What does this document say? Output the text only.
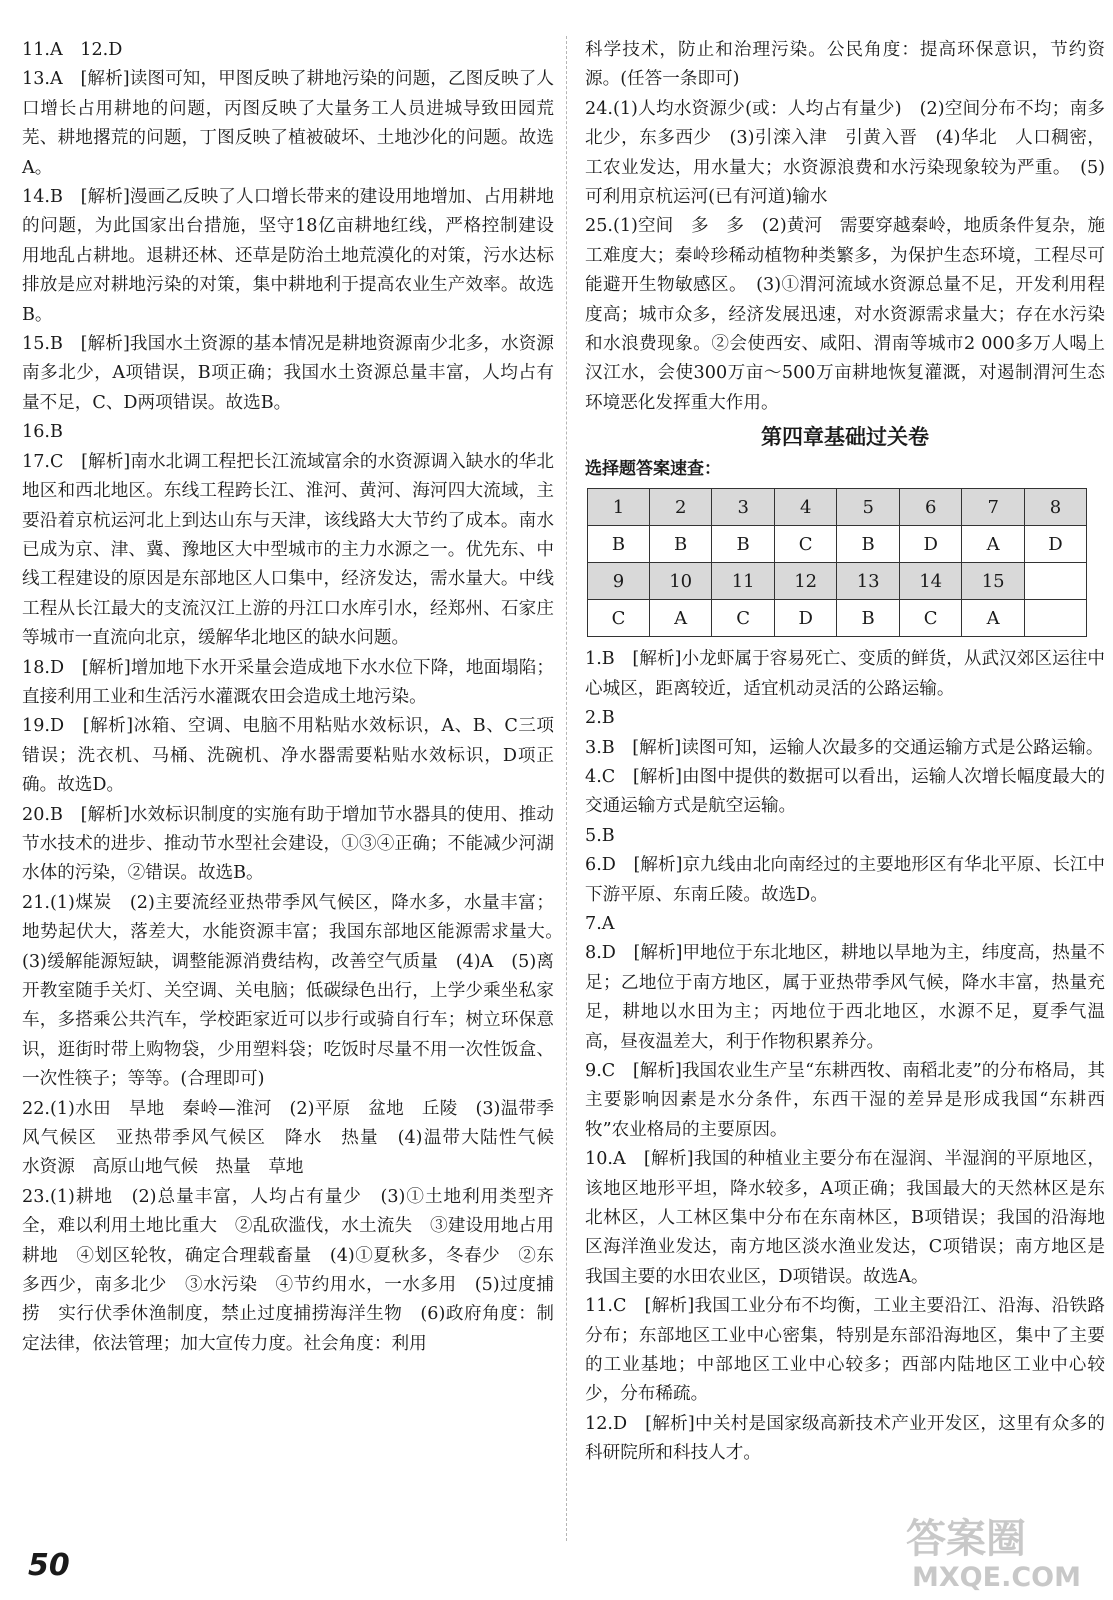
11.A　12.D

13.A　[解析]读图可知，甲图反映了耕地污染的问题，乙图反映了人口增长占用耕地的问题，丙图反映了大量务工人员进城导致田园荒芜、耕地撂荒的问题，丁图反映了植被破坏、土地沙化的问题。故选A。

14.B　[解析]漫画乙反映了人口增长带来的建设用地增加、占用耕地的问题，为此国家出台措施，坚守18亿亩耕地红线，严格控制建设用地乱占耕地。退耕还林、还草是防治土地荒漠化的对策，污水达标排放是应对耕地污染的对策，集中耕地利于提高农业生产效率。故选B。

15.B　[解析]我国水土资源的基本情况是耕地资源南少北多，水资源南多北少，A项错误，B项正确；我国水土资源总量丰富，人均占有量不足，C、D两项错误。故选B。

16.B

17.C　[解析]南水北调工程把长江流域富余的水资源调入缺水的华北地区和西北地区。东线工程跨长江、淮河、黄河、海河四大流域，主要沿着京杭运河北上到达山东与天津，该线路大大节约了成本。南水已成为京、津、冀、豫地区大中型城市的主力水源之一。优先东、中线工程建设的原因是东部地区人口集中，经济发达，需水量大。中线工程从长江最大的支流汉江上游的丹江口水库引水，经郑州、石家庄等城市一直流向北京，缓解华北地区的缺水问题。

18.D　[解析]增加地下水开采量会造成地下水水位下降，地面塌陷；直接利用工业和生活污水灌溉农田会造成土地污染。

19.D　[解析]冰箱、空调、电脑不用粘贴水效标识，A、B、C三项错误；洗衣机、马桶、洗碗机、净水器需要粘贴水效标识，D项正确。故选D。

20.B　[解析]水效标识制度的实施有助于增加节水器具的使用、推动节水技术的进步、推动节水型社会建设，①③④正确；不能减少河湖水体的污染，②错误。故选B。

21.(1)煤炭　(2)主要流经亚热带季风气候区，降水多，水量丰富；地势起伏大，落差大，水能资源丰富；我国东部地区能源需求量大。　(3)缓解能源短缺，调整能源消费结构，改善空气质量　(4)A　(5)离开教室随手关灯、关空调、关电脑；低碳绿色出行，上学少乘坐私家车，多搭乘公共汽车，学校距家近可以步行或骑自行车；树立环保意识，逛街时带上购物袋，少用塑料袋；吃饭时尽量不用一次性饭盒、一次性筷子；等等。(合理即可)

22.(1)水田　旱地　秦岭—淮河　(2)平原　盆地　丘陵　(3)温带季风气候区　亚热带季风气候区　降水　热量　(4)温带大陆性气候　水资源　高原山地气候　热量　草地

23.(1)耕地　(2)总量丰富，人均占有量少　(3)①土地利用类型齐全，难以利用土地比重大　②乱砍滥伐，水土流失　③建设用地占用耕地　④划区轮牧，确定合理载畜量　(4)①夏秋多，冬春少　②东多西少，南多北少　③水污染　④节约用水，一水多用　(5)过度捕捞　实行伏季休渔制度，禁止过度捕捞海洋生物　(6)政府角度：制定法律，依法管理；加大宣传力度。社会角度：利用

科学技术，防止和治理污染。公民角度：提高环保意识，节约资源。(任答一条即可)

24.(1)人均水资源少(或：人均占有量少)　(2)空间分布不均；南多北少，东多西少　(3)引滦入津　引黄入晋　(4)华北　人口稠密，工农业发达，用水量大；水资源浪费和水污染现象较为严重。　(5)可利用京杭运河(已有河道)输水

25.(1)空间　多　多　(2)黄河　需要穿越秦岭，地质条件复杂，施工难度大；秦岭珍稀动植物种类繁多，为保护生态环境，工程尽可能避开生物敏感区。　(3)①渭河流域水资源总量不足，开发利用程度高；城市众多，经济发展迅速，对水资源需求量大；存在水污染和水浪费现象。②会使西安、咸阳、渭南等城市2 000多万人喝上汉江水，会使300万亩～500万亩耕地恢复灌溉，对遏制渭河生态环境恶化发挥重大作用。

第四章基础过关卷
选择题答案速查：
1	2	3	4	5	6	7	8
B	B	B	C	B	D	A	D
9	10	11	12	13	14	15	
C	A	C	D	B	C	A	

1.B　[解析]小龙虾属于容易死亡、变质的鲜货，从武汉郊区运往中心城区，距离较近，适宜机动灵活的公路运输。

2.B

3.B　[解析]读图可知，运输人次最多的交通运输方式是公路运输。

4.C　[解析]由图中提供的数据可以看出，运输人次增长幅度最大的交通运输方式是航空运输。

5.B

6.D　[解析]京九线由北向南经过的主要地形区有华北平原、长江中下游平原、东南丘陵。故选D。

7.A

8.D　[解析]甲地位于东北地区，耕地以旱地为主，纬度高，热量不足；乙地位于南方地区，属于亚热带季风气候，降水丰富，热量充足，耕地以水田为主；丙地位于西北地区，水源不足，夏季气温高，昼夜温差大，利于作物积累养分。

9.C　[解析]我国农业生产呈“东耕西牧、南稻北麦”的分布格局，其主要影响因素是水分条件，东西干湿的差异是形成我国“东耕西牧”农业格局的主要原因。

10.A　[解析]我国的种植业主要分布在湿润、半湿润的平原地区，该地区地形平坦，降水较多，A项正确；我国最大的天然林区是东北林区，人工林区集中分布在东南林区，B项错误；我国的沿海地区海洋渔业发达，南方地区淡水渔业发达，C项错误；南方地区是我国主要的水田农业区，D项错误。故选A。

11.C　[解析]我国工业分布不均衡，工业主要沿江、沿海、沿铁路分布；东部地区工业中心密集，特别是东部沿海地区，集中了主要的工业基地；中部地区工业中心较多；西部内陆地区工业中心较少，分布稀疏。

12.D　[解析]中关村是国家级高新技术产业开发区，这里有众多的科研院所和科技人才。

50

答案圈
MXQE.COM
